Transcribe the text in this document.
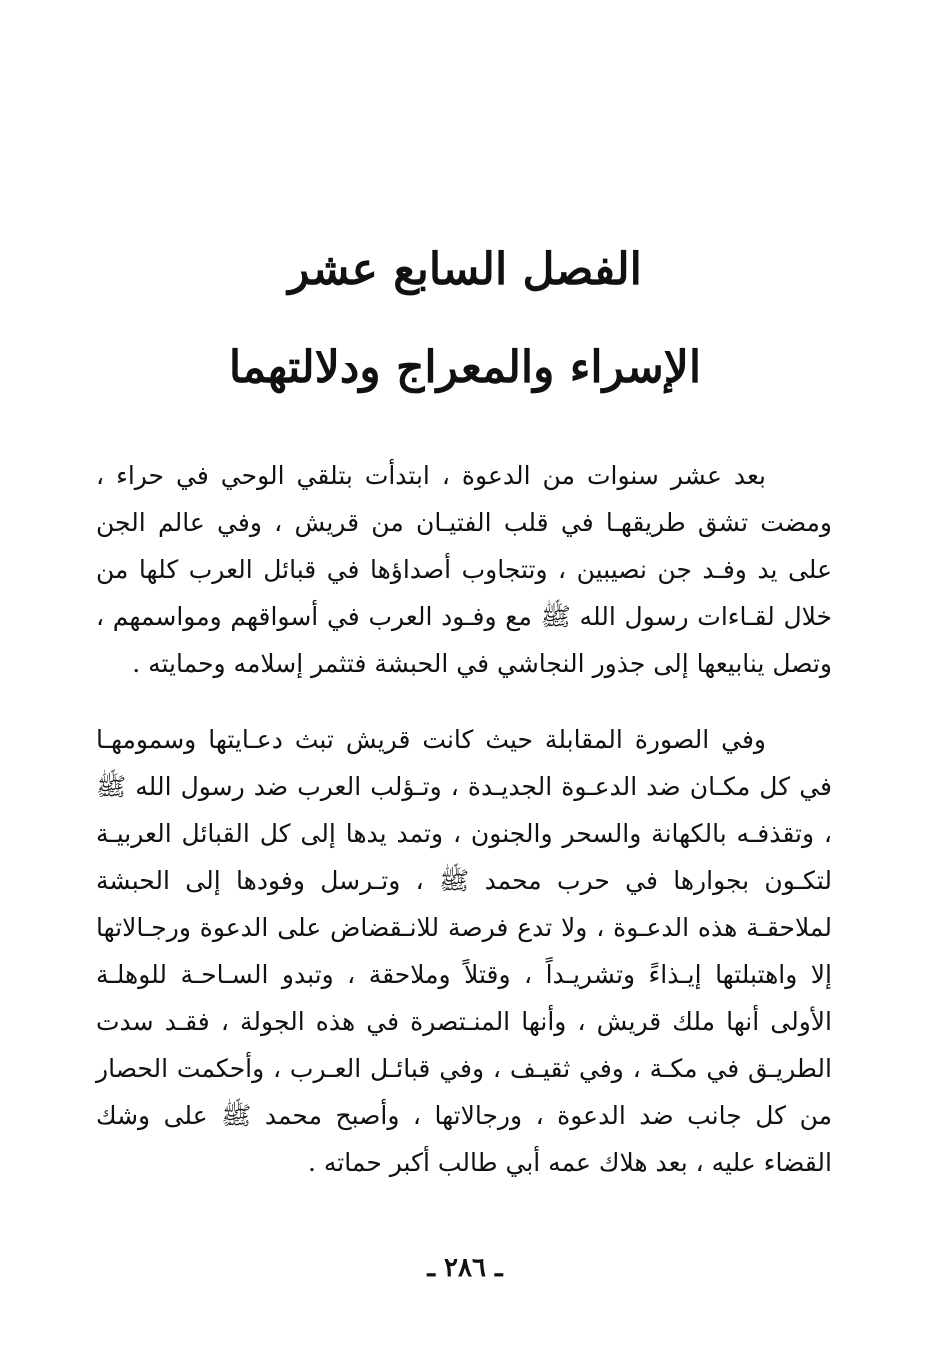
الفصل السابع عشر
الإسراء والمعراج ودلالتهما

بعد عشر سنوات من الدعوة ، ابتدأت بتلقي الوحي في حراء ، ومضت تشق طريقهـا في قلب الفتيـان من قريش ، وفي عالم الجن على يد وفـد جن نصيبين ، وتتجاوب أصداؤها في قبائل العرب كلها من خلال لقـاءات رسول الله ﷺ مع وفـود العرب في أسواقهم ومواسمهم ، وتصل ينابيعها إلى جذور النجاشي في الحبشة فتثمر إسلامه وحمايته .

وفي الصورة المقابلة حيث كانت قريش تبث دعـايتها وسمومهـا في كل مكـان ضد الدعـوة الجديـدة ، وتـؤلب العرب ضد رسول الله ﷺ ، وتقذفـه بالكهانة والسحر والجنون ، وتمد يدها إلى كل القبائل العربيـة لتكـون بجوارها في حرب محمد ﷺ ، وتـرسل وفودها إلى الحبشة لملاحقـة هذه الدعـوة ، ولا تدع فرصة للانـقضاض على الدعوة ورجـالاتها إلا واهتبلتها إيـذاءً وتشريـداً ، وقتلاً وملاحقة ، وتبدو السـاحـة للوهلـة الأولى أنها ملك قريش ، وأنها المنـتصرة في هذه الجولة ، فقـد سدت الطريـق في مكـة ، وفي ثقيـف ، وفي قبائـل العـرب ، وأحكمت الحصار من كل جانب ضد الدعوة ، ورجالاتها ، وأصبح محمد ﷺ على وشك القضاء عليه ، بعد هلاك عمه أبي طالب أكبر حماته .

ـ ٢٨٦ ـ
